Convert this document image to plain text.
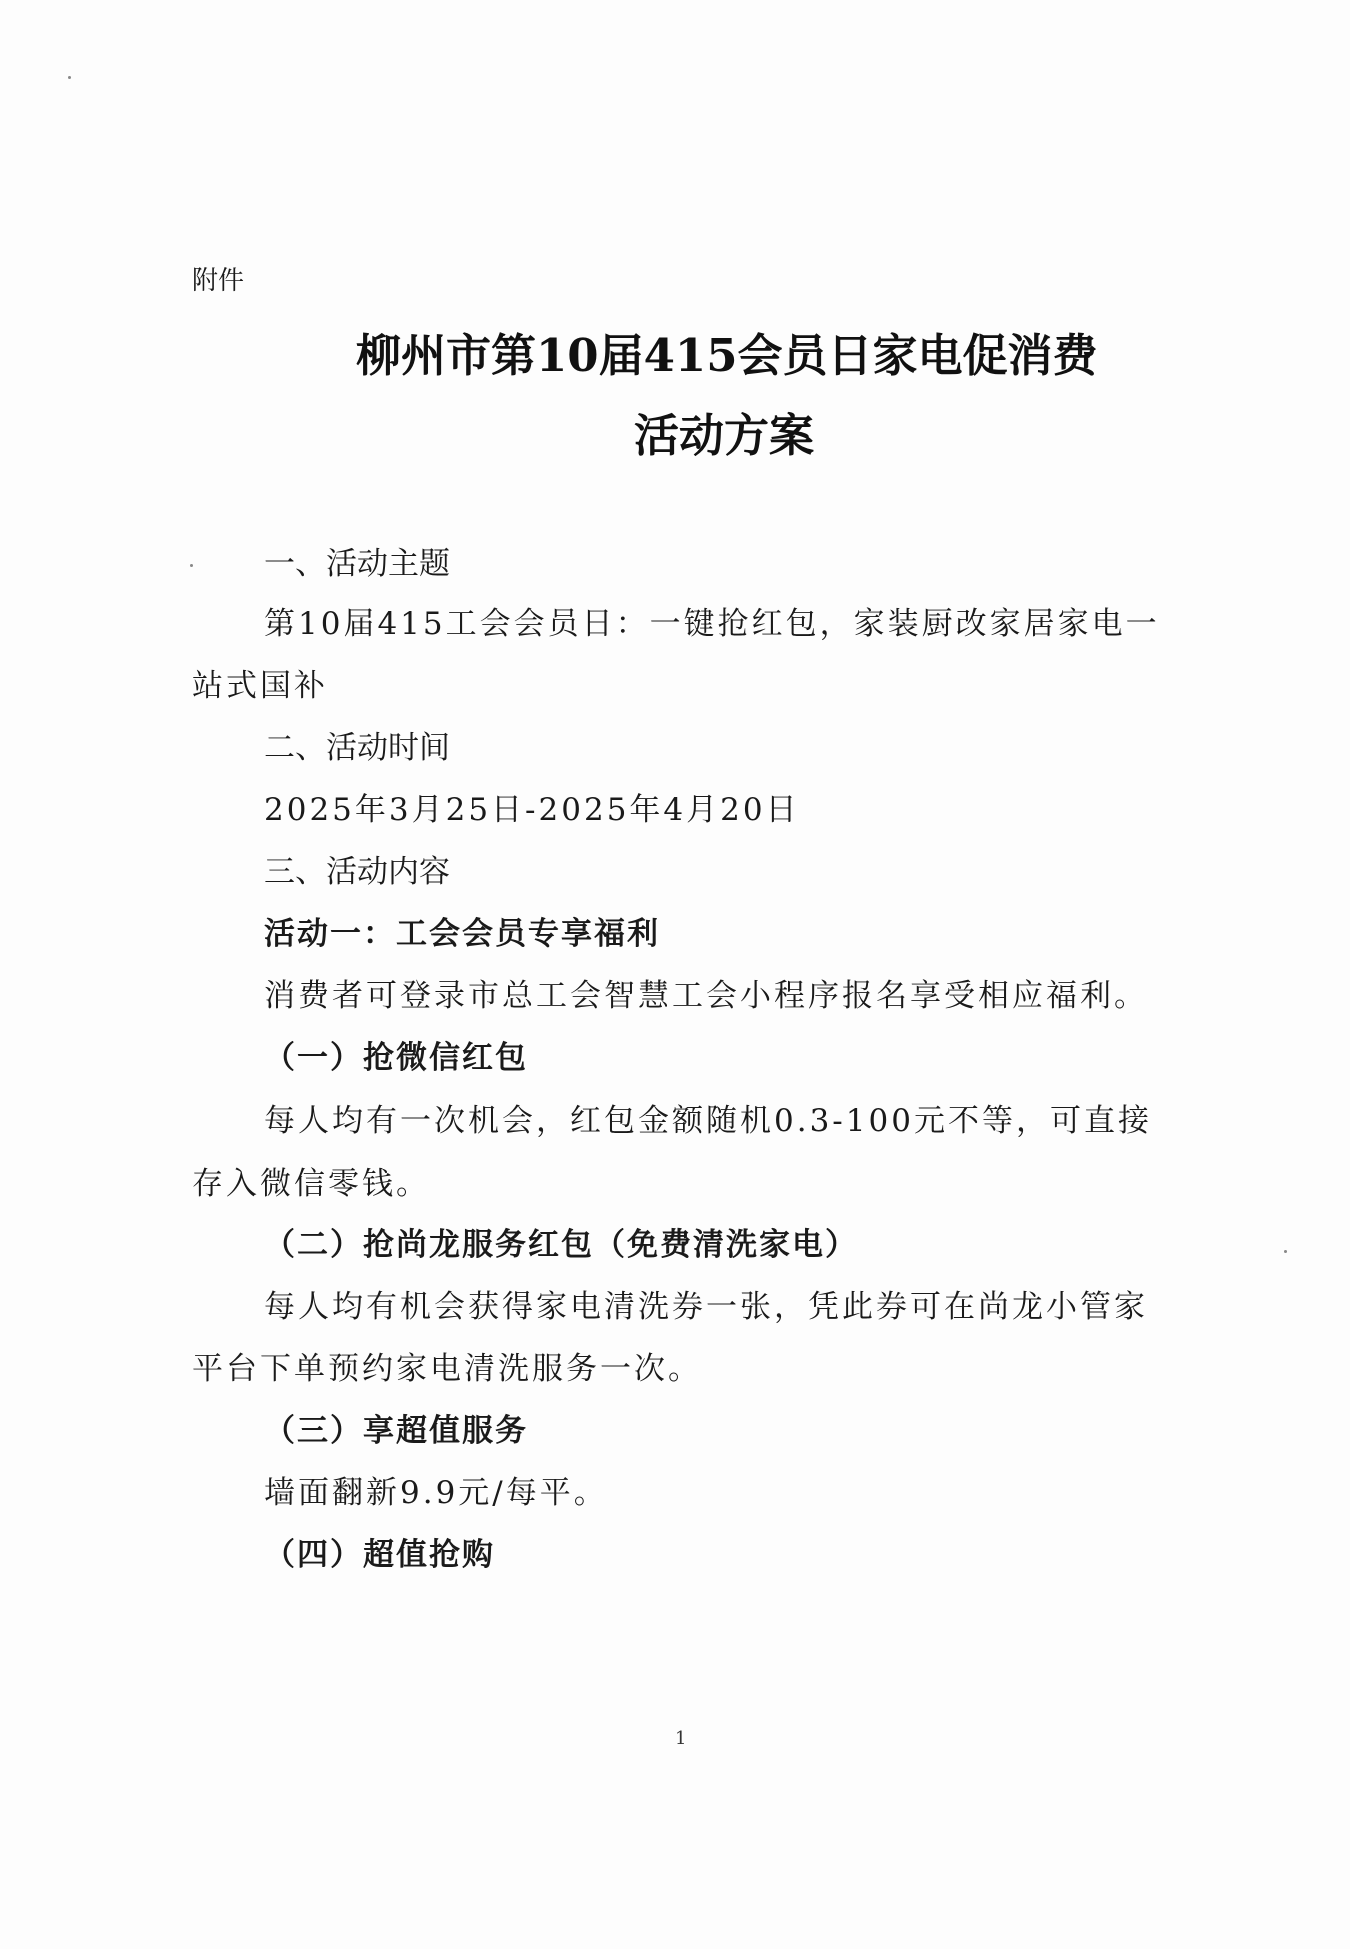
附件
柳州市第10届415会员日家电促消费
活动方案
一、活动主题
第10届415工会会员日：一键抢红包，家装厨改家居家电一
站式国补
二、活动时间
2025年3月25日-2025年4月20日
三、活动内容
活动一：工会会员专享福利
消费者可登录市总工会智慧工会小程序报名享受相应福利。
（一）抢微信红包
每人均有一次机会，红包金额随机0.3-100元不等，可直接
存入微信零钱。
（二）抢尚龙服务红包（免费清洗家电）
每人均有机会获得家电清洗券一张，凭此券可在尚龙小管家
平台下单预约家电清洗服务一次。
（三）享超值服务
墙面翻新9.9元/每平。
（四）超值抢购
1
